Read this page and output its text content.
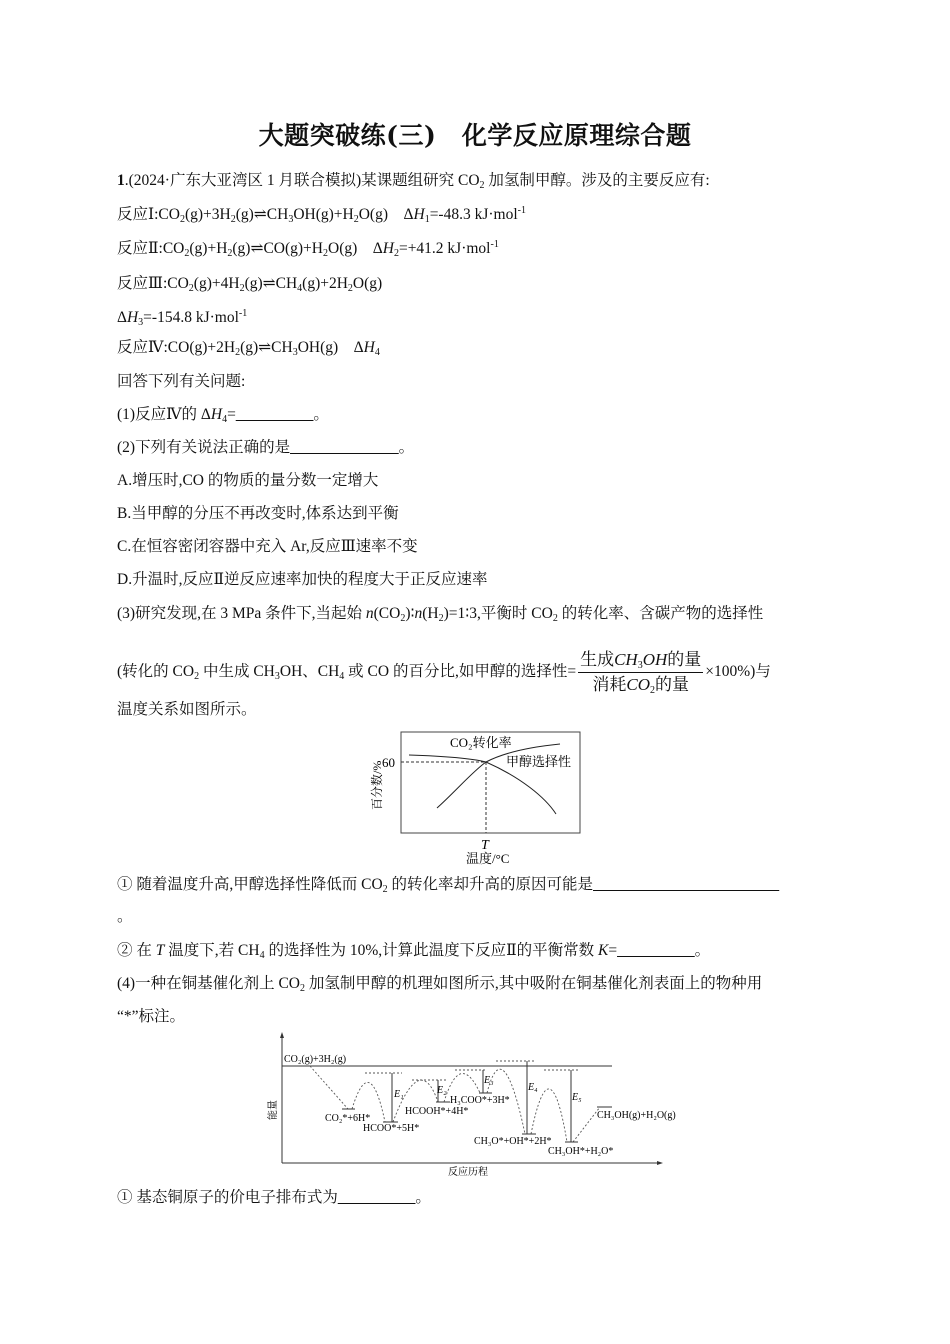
大题突破练(三)　化学反应原理综合题
1.(2024·广东大亚湾区 1 月联合模拟)某课题组研究 $CO_2$ 加氢制甲醇。涉及的主要反应有:
反应$Ⅰ:CO_2(g)+3H_2(g)\rightleftharpoons CH_3OH(g)+H_2O(g)$　$\Delta H_1=-48.3$ kJ·mol$^{-1}$
反应$Ⅱ:CO_2(g)+H_2(g)\rightleftharpoons CO(g)+H_2O(g)$　$\Delta H_2=+41.2$ kJ·mol$^{-1}$
反应$Ⅲ:CO_2(g)+4H_2(g)\rightleftharpoons CH_4(g)+2H_2O(g)$
$\Delta H_3=-154.8$ kJ·mol$^{-1}$
反应$Ⅳ:CO(g)+2H_2(g)\rightleftharpoons CH_3OH(g)$　$\Delta H_4$
回答下列有关问题:
(1)反应Ⅳ的 $\Delta H_4=\_\_\_\_\_\_\_\_\_\_$。
(2)下列有关说法正确的是______________。
A.增压时,CO 的物质的量分数一定增大
B.当甲醇的分压不再改变时,体系达到平衡
C.在恒容密闭容器中充入 Ar,反应Ⅲ速率不变
D.升温时,反应Ⅱ逆反应速率加快的程度大于正反应速率
(3)研究发现,在 3 MPa 条件下,当起始 $n(CO_2)∶n(H_2)=1∶3$,平衡时 $CO_2$ 的转化率、含碳产物的选择性
(转化的 $CO_2$ 中生成 $CH_3OH$、$CH_4$ 或 CO 的百分比,如甲醇的选择性= $\frac{生成CH_3OH的量}{消耗CO_2的量} \times 100\%$)与
温度关系如图所示。
① 随着温度升高,甲醇选择性降低而 $CO_2$ 的转化率却升高的原因可能是________________________
。
② 在 T 温度下,若 $CH_4$ 的选择性为 10%,计算此温度下反应Ⅱ的平衡常数 K=__________。
(4)一种在铜基催化剂上 $CO_2$ 加氢制甲醇的机理如图所示,其中吸附在铜基催化剂表面上的物种用
“*”标注。
① 基态铜原子的价电子排布式为__________。
CO₂转化率
甲醇选择性
60
T
温度/°C
百分数/%
CO₂(g)+3H₂(g)
CO₂*+6H*
HCOO*+5H*
HCOOH*+4H*
H₃COO*+3H*
CH₃O*+OH*+2H*
CH₃OH*+H₂O*
CH₃OH(g)+H₂O(g)
E₁	E₂
E₃
E₄
E₅
能量
反应历程
